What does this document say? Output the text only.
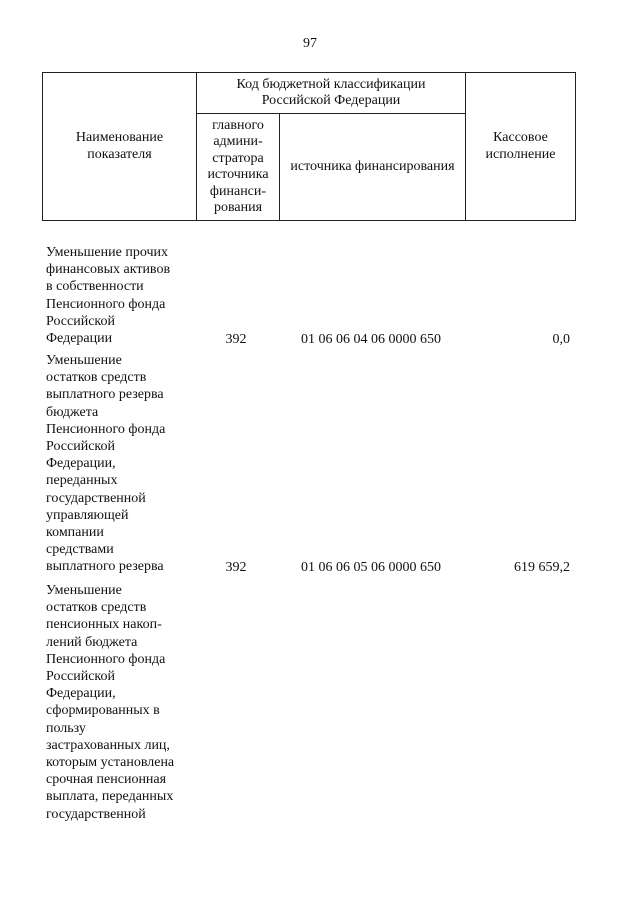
97
Наименование
показателя
Код бюджетной классификации
Российской Федерации
главного
админи-
стратора
источника
финанси-
рования
источника финансирования
Кассовое
исполнение
Уменьшение прочих
финансовых активов
в собственности
Пенсионного фонда
Российской
Федерации	392	01 06 06 04 06 0000 650	0,0
Уменьшение
остатков средств
выплатного резерва
бюджета
Пенсионного фонда
Российской
Федерации,
переданных
государственной
управляющей
компании
средствами
выплатного резерва	392	01 06 06 05 06 0000 650	619 659,2
Уменьшение
остатков средств
пенсионных накоп-
лений бюджета
Пенсионного фонда
Российской
Федерации,
сформированных в
пользу
застрахованных лиц,
которым установлена
срочная пенсионная
выплата, переданных
государственной
